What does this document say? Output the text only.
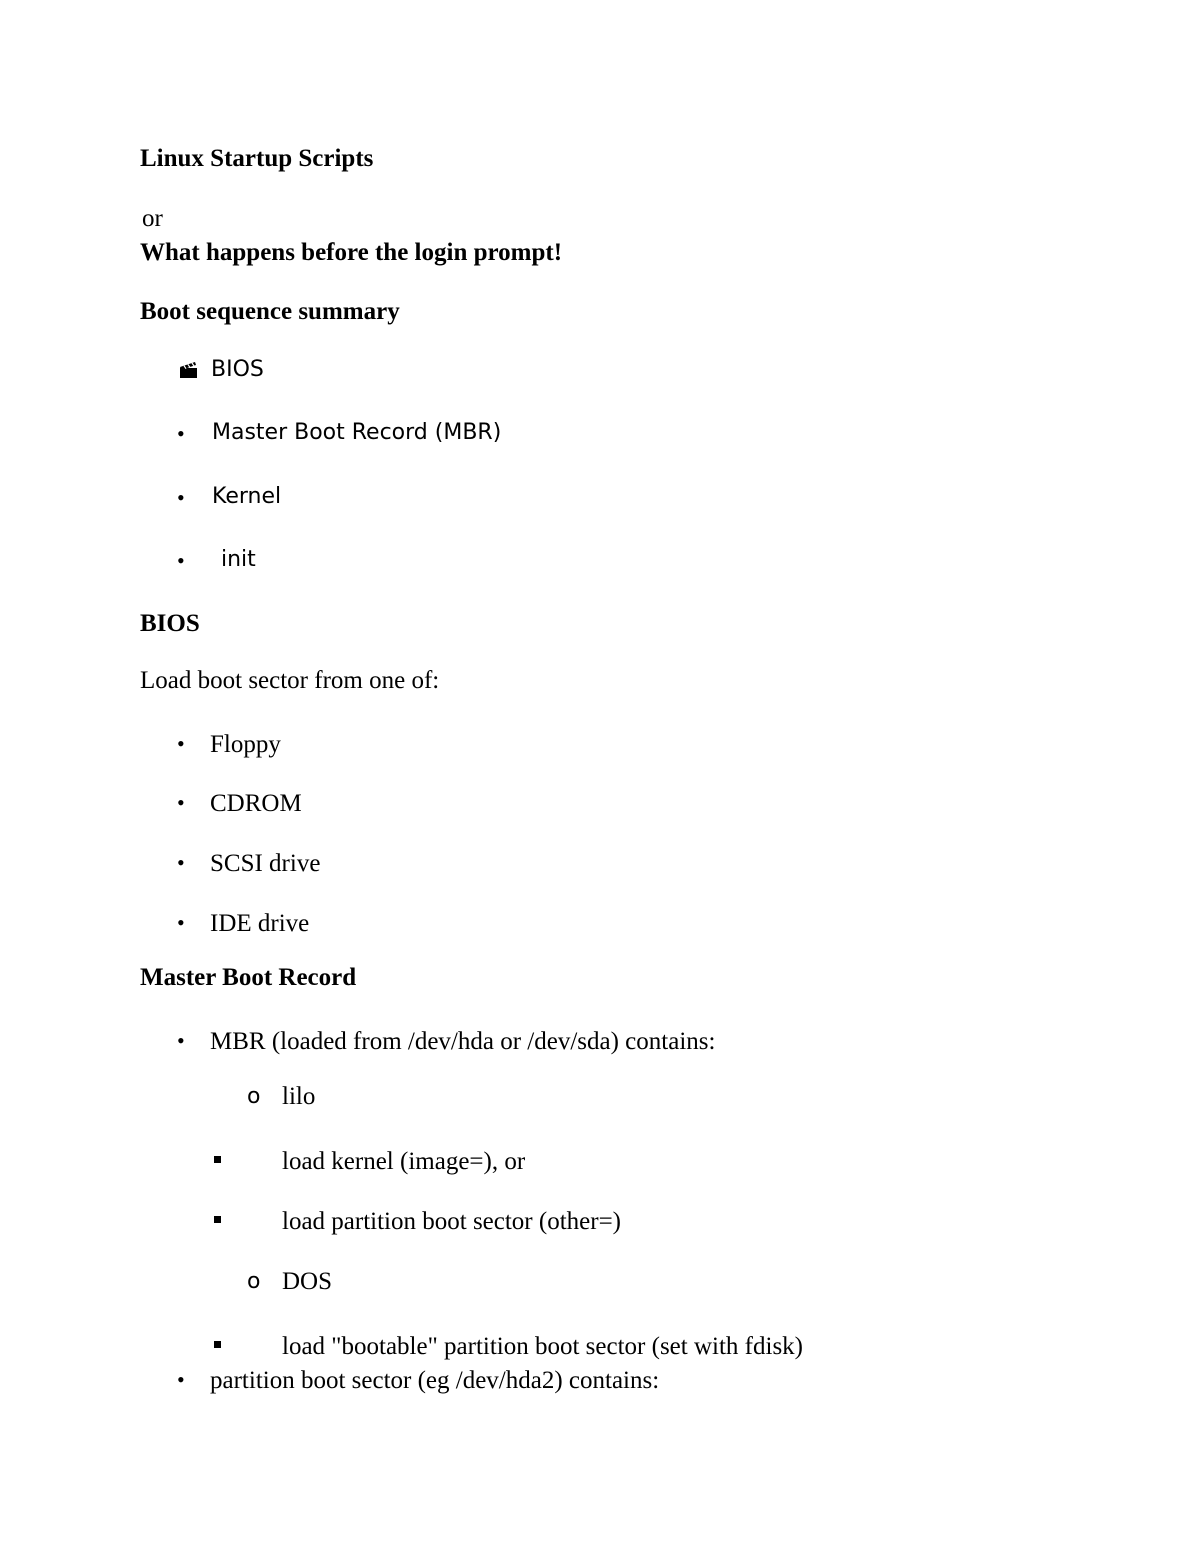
Linux Startup Scripts
or
What happens before the login prompt!
Boot sequence summary
BIOS
• Master Boot Record (MBR)
• Kernel
• init
BIOS
Load boot sector from one of:
• Floppy
• CDROM
• SCSI drive
• IDE drive
Master Boot Record
• MBR (loaded from /dev/hda or /dev/sda) contains:
o lilo
load kernel (image=), or
load partition boot sector (other=)
o DOS
load "bootable" partition boot sector (set with fdisk)
• partition boot sector (eg /dev/hda2) contains:
